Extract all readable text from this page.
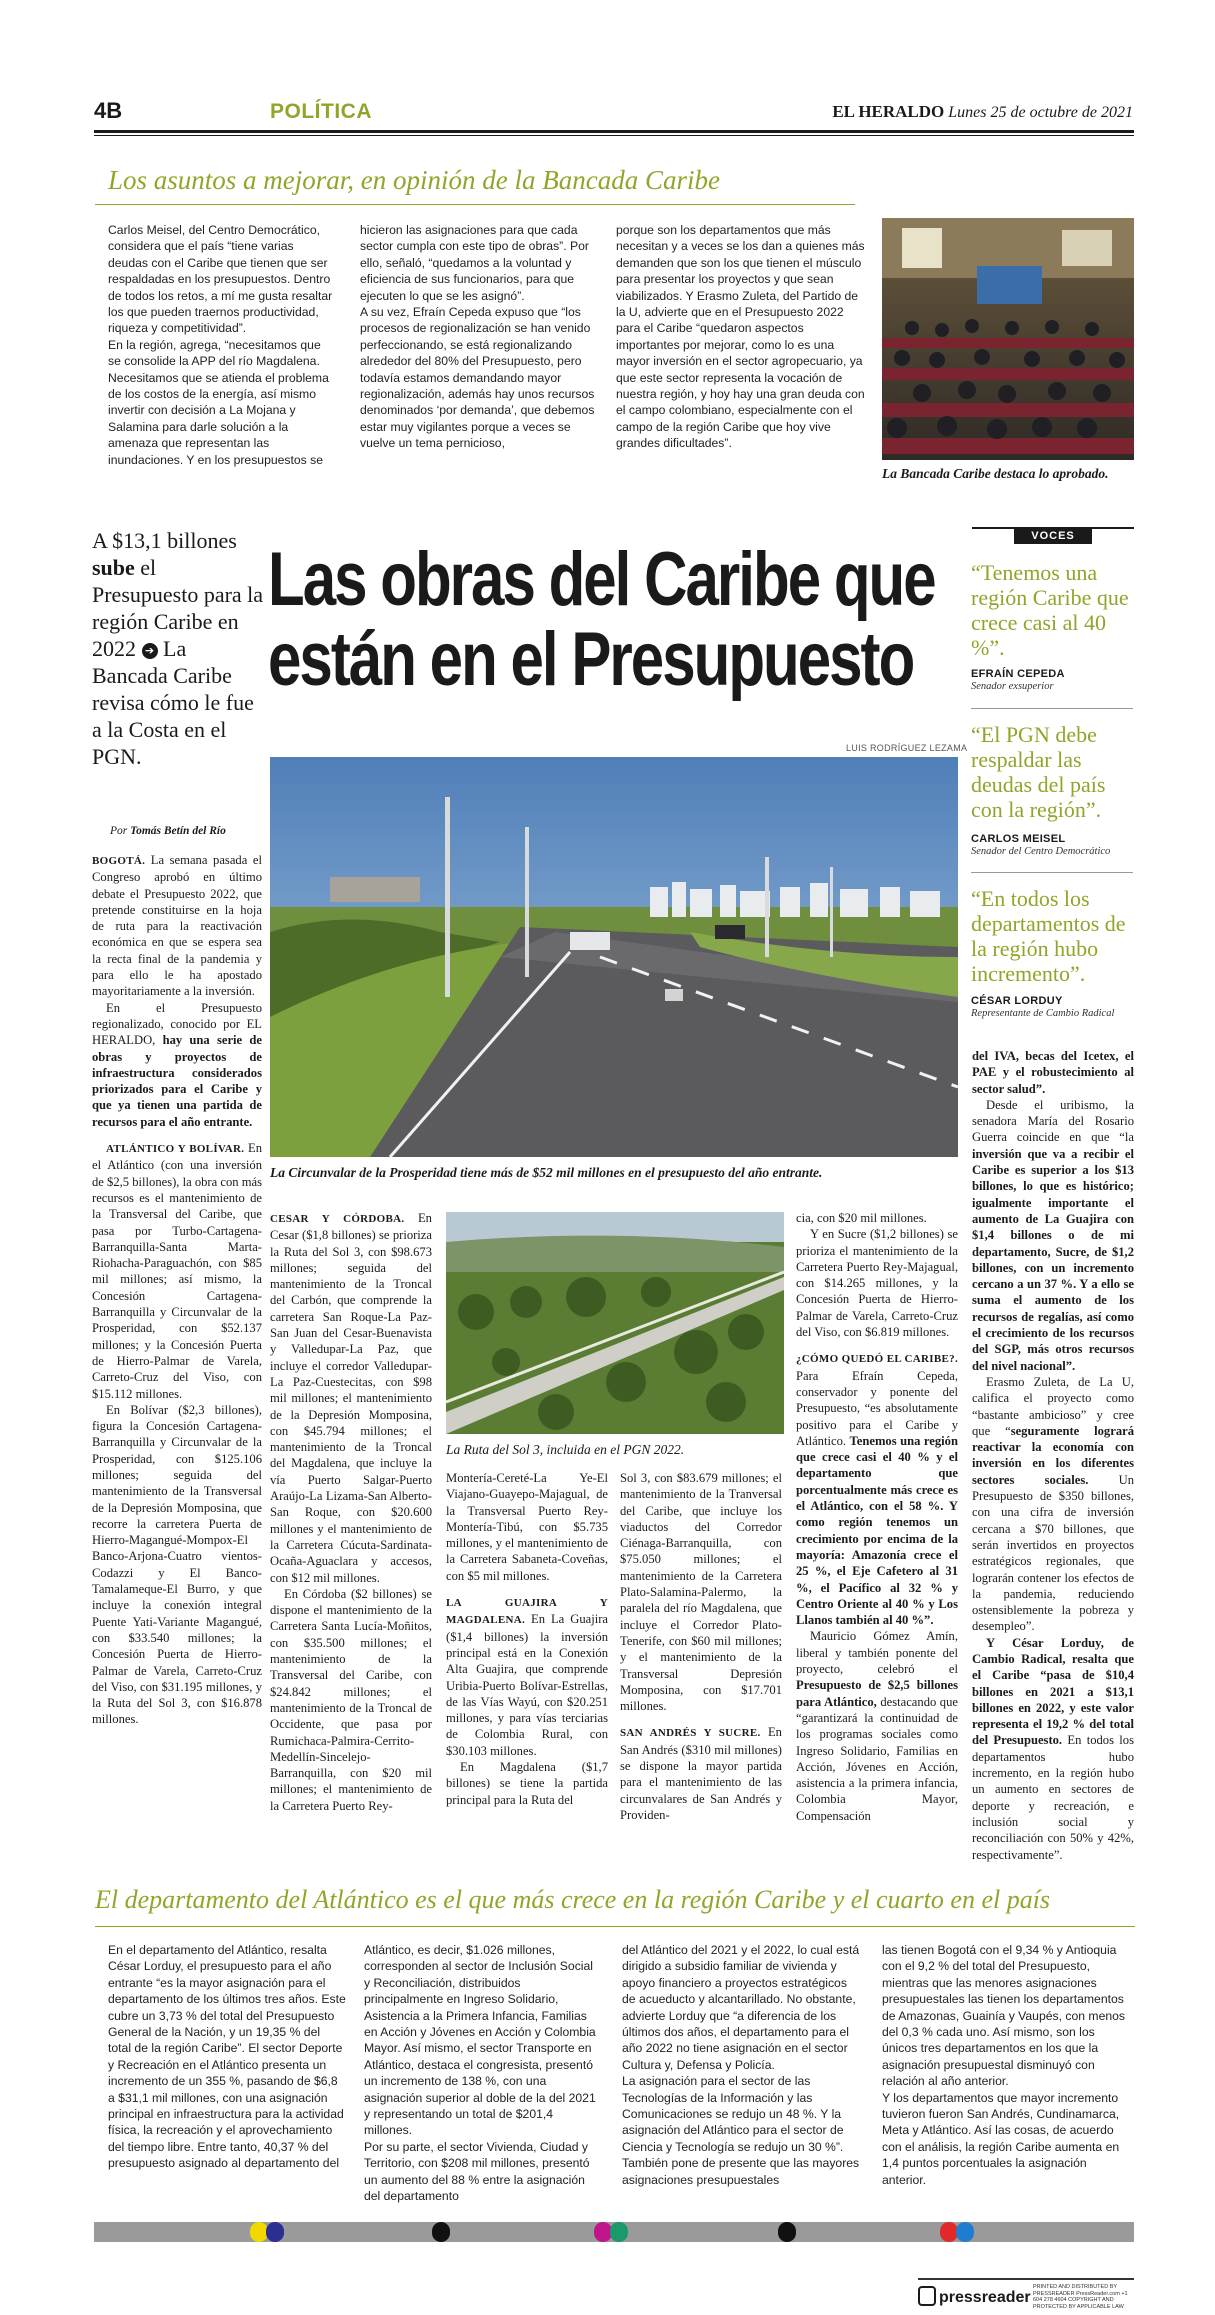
4B	POLÍTICA	EL HERALDO Lunes 25 de octubre de 2021
Los asuntos a mejorar, en opinión de la Bancada Caribe

Carlos Meisel, del Centro Democrático, considera que el país “tiene varias deudas con el Caribe que tienen que ser respaldadas en los presupuestos. Dentro de todos los retos, a mí me gusta resaltar los que pueden traernos productividad, riqueza y competitividad”.
En la región, agrega, “necesitamos que se consolide la APP del río Magdalena. Necesitamos que se atienda el problema de los costos de la energía, así mismo invertir con decisión a La Mojana y Salamina para darle solución a la amenaza que representan las inundaciones. Y en los presupuestos se

hicieron las asignaciones para que cada sector cumpla con este tipo de obras”. Por ello, señaló, “quedamos a la voluntad y eficiencia de sus funcionarios, para que ejecuten lo que se les asignó”.
A su vez, Efraín Cepeda expuso que “los procesos de regionalización se han venido perfeccionando, se está regionalizando alrededor del 80% del Presupuesto, pero todavía estamos demandando mayor regionalización, además hay unos recursos denominados ‘por demanda’, que debemos estar muy vigilantes porque a veces se vuelve un tema pernicioso,

porque son los departamentos que más necesitan y a veces se los dan a quienes más demanden que son los que tienen el músculo para presentar los proyectos y que sean viabilizados. Y Erasmo Zuleta, del Partido de la U, advierte que en el Presupuesto 2022 para el Caribe “quedaron aspectos importantes por mejorar, como lo es una mayor inversión en el sector agropecuario, ya que este sector representa la vocación de nuestra región, y hoy hay una gran deuda con el campo colombiano, especialmente con el campo de la región Caribe que hoy vive grandes dificultades”.

La Bancada Caribe destaca lo aprobado.
A $13,1 billones sube el Presupuesto para la región Caribe en 2022 ➔ La Bancada Caribe revisa cómo le fue a la Costa en el PGN.
Las obras del Caribe que
están en el Presupuesto
Por Tomás Betín del Río
LUIS RODRÍGUEZ LEZAMA
La Circunvalar de la Prosperidad tiene más de $52 mil millones en el presupuesto del año entrante.
VOCES
“Tenemos una región Caribe que crece casi al 40 %”.
EFRAÍN CEPEDA
Senador exsuperior
“El PGN debe respaldar las deudas del país con la región”.
CARLOS MEISEL
Senador del Centro Democrático
“En todos los departamentos de la región hubo incremento”.
CÉSAR LORDUY
Representante de Cambio Radical

BOGOTÁ. La semana pasada el Congreso aprobó en último debate el Presupuesto 2022, que pretende constituirse en la hoja de ruta para la reactivación económica en que se espera sea la recta final de la pandemia y para ello le ha apostado mayoritariamente a la inversión.

En el Presupuesto regionalizado, conocido por EL HERALDO, hay una serie de obras y proyectos de infraestructura considerados priorizados para el Caribe y que ya tienen una partida de recursos para el año entrante.

ATLÁNTICO Y BOLÍVAR. En el Atlántico (con una inversión de $2,5 billones), la obra con más recursos es el mantenimiento de la Transversal del Caribe, que pasa por Turbo-Cartagena-Barranquilla-Santa Marta-Riohacha-Paraguachón, con $85 mil millones; así mismo, la Concesión Cartagena-Barranquilla y Circunvalar de la Prosperidad, con $52.137 millones; y la Concesión Puerta de Hierro-Palmar de Varela, Carreto-Cruz del Viso, con $15.112 millones.

En Bolívar ($2,3 billones), figura la Concesión Cartagena-Barranquilla y Circunvalar de la Prosperidad, con $125.106 millones; seguida del mantenimiento de la Transversal de la Depresión Momposina, que recorre la carretera Puerta de Hierro-Magangué-Mompox-El Banco-Arjona-Cuatro vientos-Codazzi y El Banco-Tamalameque-El Burro, y que incluye la conexión integral Puente Yati-Variante Magangué, con $33.540 millones; la Concesión Puerta de Hierro-Palmar de Varela, Carreto-Cruz del Viso, con $31.195 millones, y la Ruta del Sol 3, con $16.878 millones.

CESAR Y CÓRDOBA. En Cesar ($1,8 billones) se prioriza la Ruta del Sol 3, con $98.673 millones; seguida del mantenimiento de la Troncal del Carbón, que comprende la carretera San Roque-La Paz-San Juan del Cesar-Buenavista y Valledupar-La Paz, que incluye el corredor Valledupar-La Paz-Cuestecitas, con $98 mil millones; el mantenimiento de la Depresión Momposina, con $45.794 millones; el mantenimiento de la Troncal del Magdalena, que incluye la vía Puerto Salgar-Puerto Araújo-La Lizama-San Alberto-San Roque, con $20.600 millones y el mantenimiento de la Carretera Cúcuta-Sardinata-Ocaña-Aguaclara y accesos, con $12 mil millones.

En Córdoba ($2 billones) se dispone el mantenimiento de la Carretera Santa Lucía-Moñitos, con $35.500 millones; el mantenimiento de la Transversal del Caribe, con $24.842 millones; el mantenimiento de la Troncal de Occidente, que pasa por Rumichaca-Palmira-Cerrito-Medellín-Sincelejo-Barranquilla, con $20 mil millones; el mantenimiento de la Carretera Puerto Rey-

La Ruta del Sol 3, incluida en el PGN 2022.

Montería-Cereté-La Ye-El Viajano-Guayepo-Majagual, de la Transversal Puerto Rey-Montería-Tibú, con $5.735 millones, y el mantenimiento de la Carretera Sabaneta-Coveñas, con $5 mil millones.

LA GUAJIRA Y MAGDALENA. En La Guajira ($1,4 billones) la inversión principal está en la Conexión Alta Guajira, que comprende Uribia-Puerto Bolívar-Estrellas, de las Vías Wayú, con $20.251 millones, y para vías terciarias de Colombia Rural, con $30.103 millones.

En Magdalena ($1,7 billones) se tiene la partida principal para la Ruta del

Sol 3, con $83.679 millones; el mantenimiento de la Tranversal del Caribe, que incluye los viaductos del Corredor Ciénaga-Barranquilla, con $75.050 millones; el mantenimiento de la Carretera Plato-Salamina-Palermo, la paralela del río Magdalena, que incluye el Corredor Plato-Tenerife, con $60 mil millones; y el mantenimiento de la Transversal Depresión Momposina, con $17.701 millones.

SAN ANDRÉS Y SUCRE. En San Andrés ($310 mil millones) se dispone la mayor partida para el mantenimiento de las circunvalares de San Andrés y Providen-

cia, con $20 mil millones.

Y en Sucre ($1,2 billones) se prioriza el mantenimiento de la Carretera Puerto Rey-Majagual, con $14.265 millones, y la Concesión Puerta de Hierro-Palmar de Varela, Carreto-Cruz del Viso, con $6.819 millones.

¿CÓMO QUEDÓ EL CARIBE?. Para Efraín Cepeda, conservador y ponente del Presupuesto, “es absolutamente positivo para el Caribe y Atlántico. Tenemos una región que crece casi el 40 % y el departamento que porcentualmente más crece es el Atlántico, con el 58 %. Y como región tenemos un crecimiento por encima de la mayoría: Amazonía crece el 25 %, el Eje Cafetero al 31 %, el Pacífico al 32 % y Centro Oriente al 40 % y Los Llanos también al 40 %”.

Mauricio Gómez Amín, liberal y también ponente del proyecto, celebró el Presupuesto de $2,5 billones para Atlántico, destacando que “garantizará la continuidad de los programas sociales como Ingreso Solidario, Familias en Acción, Jóvenes en Acción, asistencia a la primera infancia, Colombia Mayor, Compensación

del IVA, becas del Icetex, el PAE y el robustecimiento al sector salud”.

Desde el uribismo, la senadora María del Rosario Guerra coincide en que “la inversión que va a recibir el Caribe es superior a los $13 billones, lo que es histórico; igualmente importante el aumento de La Guajira con $1,4 billones o de mi departamento, Sucre, de $1,2 billones, con un incremento cercano a un 37 %. Y a ello se suma el aumento de los recursos de regalías, así como el crecimiento de los recursos del SGP, más otros recursos del nivel nacional”.

Erasmo Zuleta, de La U, califica el proyecto como “bastante ambicioso” y cree que “seguramente logrará reactivar la economía con inversión en los diferentes sectores sociales. Un Presupuesto de $350 billones, con una cifra de inversión cercana a $70 billones, que serán invertidos en proyectos estratégicos regionales, que lograrán contener los efectos de la pandemia, reduciendo ostensiblemente la pobreza y desempleo”.

Y César Lorduy, de Cambio Radical, resalta que el Caribe “pasa de $10,4 billones en 2021 a $13,1 billones en 2022, y este valor representa el 19,2 % del total del Presupuesto. En todos los departamentos hubo incremento, en la región hubo un aumento en sectores de deporte y recreación, e inclusión social y reconciliación con 50% y 42%, respectivamente”.

El departamento del Atlántico es el que más crece en la región Caribe y el cuarto en el país

En el departamento del Atlántico, resalta César Lorduy, el presupuesto para el año entrante “es la mayor asignación para el departamento de los últimos tres años. Este cubre un 3,73 % del total del Presupuesto General de la Nación, y un 19,35 % del total de la región Caribe”. El sector Deporte y Recreación en el Atlántico presenta un incremento de un 355 %, pasando de $6,8 a $31,1 mil millones, con una asignación principal en infraestructura para la actividad física, la recreación y el aprovechamiento del tiempo libre. Entre tanto, 40,37 % del presupuesto asignado al departamento del

Atlántico, es decir, $1.026 millones, corresponden al sector de Inclusión Social y Reconciliación, distribuidos principalmente en Ingreso Solidario, Asistencia a la Primera Infancia, Familias en Acción y Jóvenes en Acción y Colombia Mayor. Así mismo, el sector Transporte en Atlántico, destaca el congresista, presentó un incremento de 138 %, con una asignación superior al doble de la del 2021 y representando un total de $201,4 millones.
Por su parte, el sector Vivienda, Ciudad y Territorio, con $208 mil millones, presentó un aumento del 88 % entre la asignación del departamento

del Atlántico del 2021 y el 2022, lo cual está dirigido a subsidio familiar de vivienda y apoyo financiero a proyectos estratégicos de acueducto y alcantarillado. No obstante, advierte Lorduy que “a diferencia de los últimos dos años, el departamento para el año 2022 no tiene asignación en el sector Cultura y, Defensa y Policía.
La asignación para el sector de las Tecnologías de la Información y las Comunicaciones se redujo un 48 %. Y la asignación del Atlántico para el sector de Ciencia y Tecnología se redujo un 30 %”. También pone de presente que las mayores asignaciones presupuestales

las tienen Bogotá con el 9,34 % y Antioquia con el 9,2 % del total del Presupuesto, mientras que las menores asignaciones presupuestales las tienen los departamentos de Amazonas, Guainía y Vaupés, con menos del 0,3 % cada uno. Así mismo, son los únicos tres departamentos en los que la asignación presupuestal disminuyó con relación al año anterior.
Y los departamentos que mayor incremento tuvieron fueron San Andrés, Cundinamarca, Meta y Atlántico. Así las cosas, de acuerdo con el análisis, la región Caribe aumenta en 1,4 puntos porcentuales la asignación anterior.

pressreader
PRINTED AND DISTRIBUTED BY PRESSREADER PressReader.com +1 604 278 4604 COPYRIGHT AND PROTECTED BY APPLICABLE LAW
